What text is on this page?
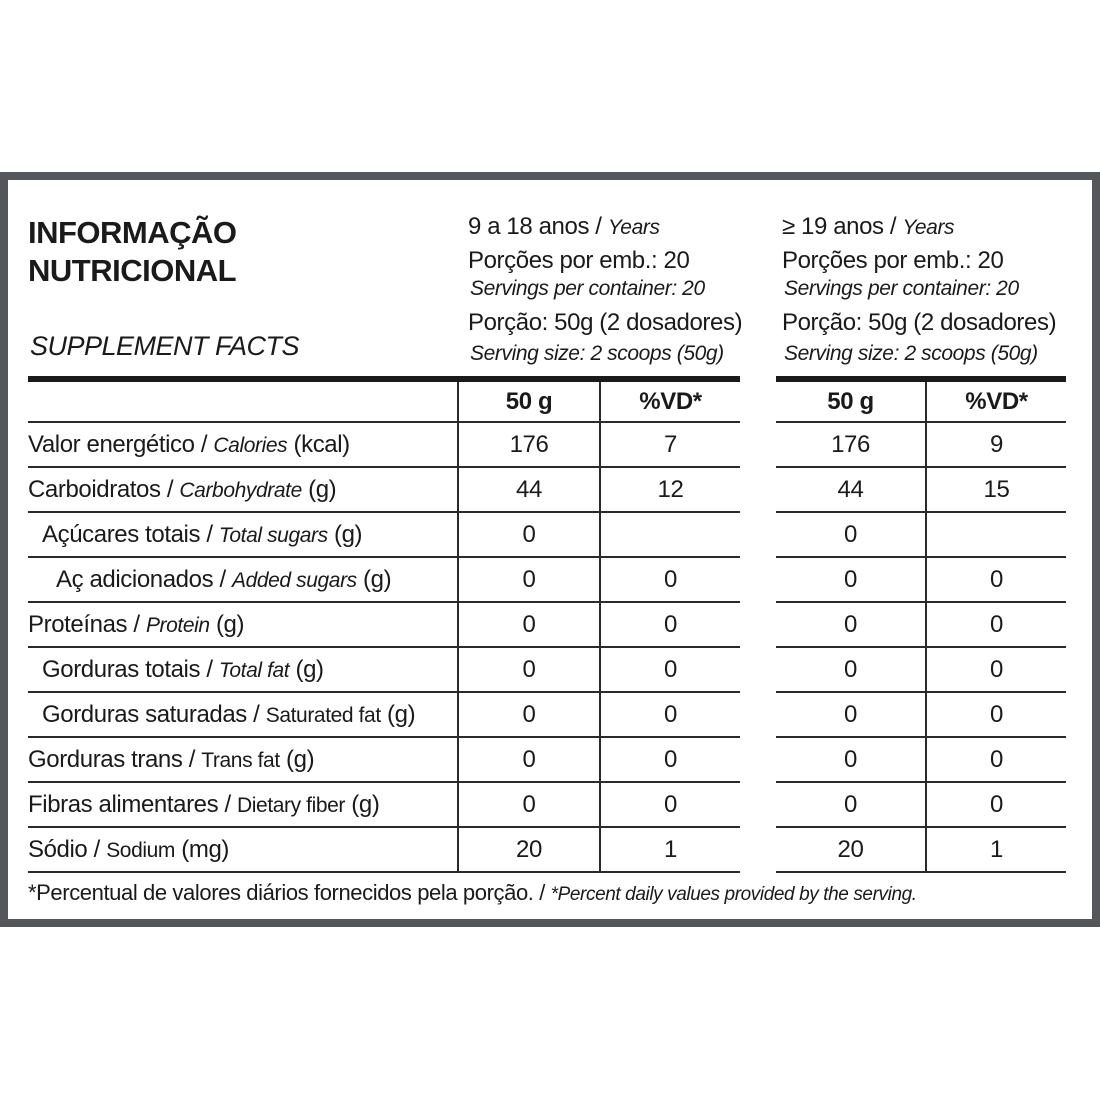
INFORMAÇÃO
NUTRICIONAL
SUPPLEMENT FACTS
9 a 18 anos / Years
Porções por emb.: 20
Servings per container: 20
Porção: 50g (2 dosadores)
Serving size: 2 scoops (50g)
≥ 19 anos / Years
Porções por emb.: 20
Servings per container: 20
Porção: 50g (2 dosadores)
Serving size: 2 scoops (50g)
	50 g	%VD*
Valor energético / Calories (kcal)	176	7
Carboidratos / Carbohydrate (g)	44	12
Açúcares totais / Total sugars (g)	0	
Aç adicionados / Added sugars (g)	0	0
Proteínas / Protein (g)	0	0
Gorduras totais / Total fat (g)	0	0
Gorduras saturadas / Saturated fat (g)	0	0
Gorduras trans / Trans fat (g)	0	0
Fibras alimentares / Dietary fiber (g)	0	0
Sódio / Sodium (mg)	20	1
50 g	%VD*
176	9
44	15
0	
0	0
0	0
0	0
0	0
0	0
0	0
20	1
*Percentual de valores diários fornecidos pela porção. / *Percent daily values provided by the serving.
